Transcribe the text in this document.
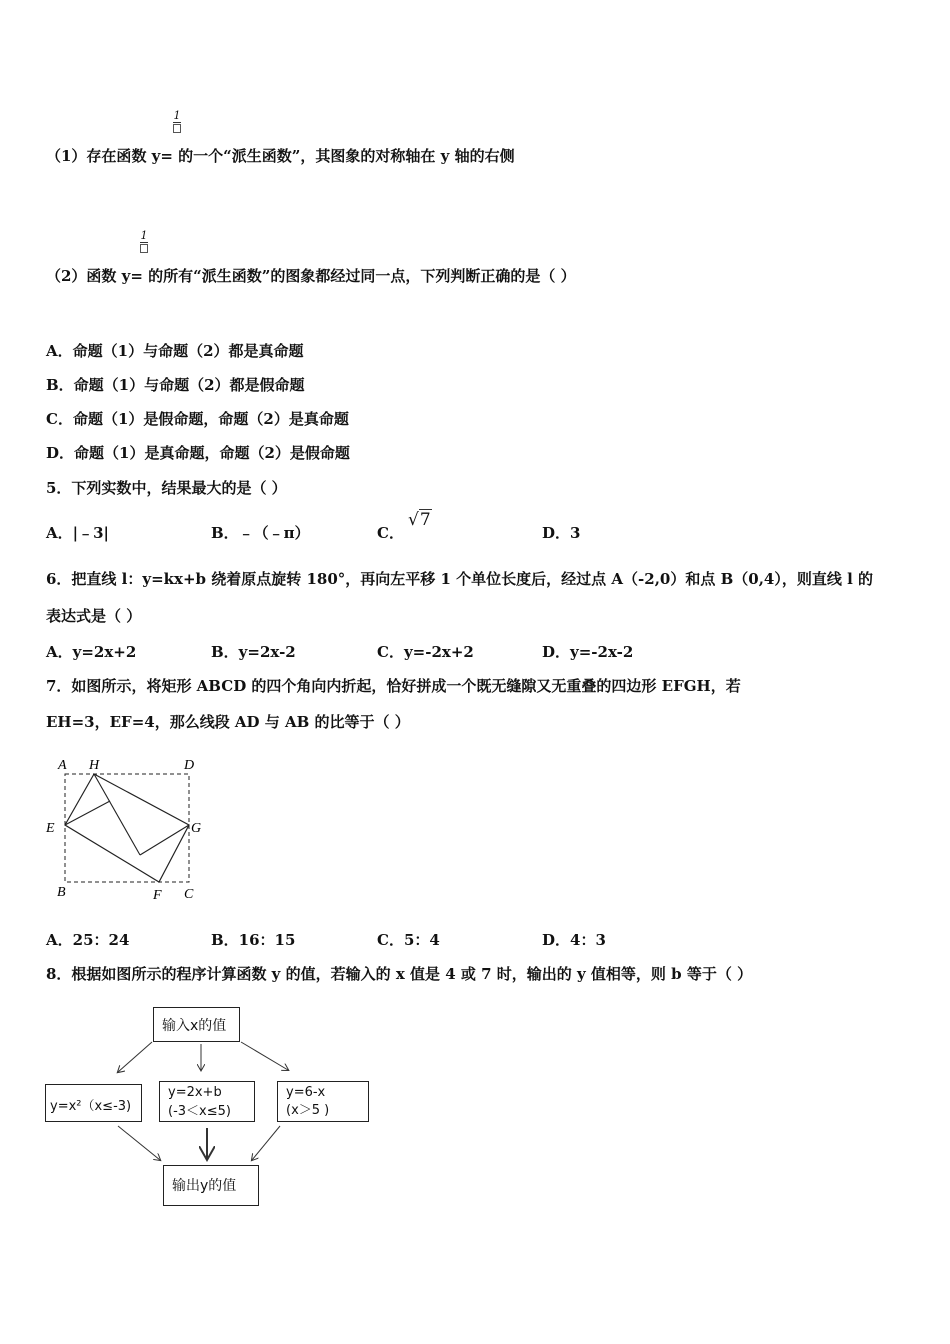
1
（1）存在函数 y= 的一个“派生函数”，其图象的对称轴在 y 轴的右侧
1
（2）函数 y= 的所有“派生函数”的图象都经过同一点，下列判断正确的是（ ）
A．命题（1）与命题（2）都是真命题
B．命题（1）与命题（2）都是假命题
C．命题（1）是假命题，命题（2）是真命题
D．命题（1）是真命题，命题（2）是假命题
5．下列实数中，结果最大的是（ ）
A．|﹣3|	B．﹣（﹣π）	C．
√7
D．3
6．把直线 l：y=kx+b 绕着原点旋转 180°，再向左平移 1 个单位长度后，经过点 A（-2,0）和点 B（0,4），则直线 l 的
表达式是（ ）
A．y=2x+2	B．y=2x-2	C．y=-2x+2	D．y=-2x-2
7．如图所示，将矩形 ABCD 的四个角向内折起，恰好拼成一个既无缝隙又无重叠的四边形 EFGH，若
EH=3，EF=4，那么线段 AD 与 AB 的比等于（ ）
A H	D
E	G
B	F C
A．25：24	B．16：15	C．5：4	D．4：3
8．根据如图所示的程序计算函数 y 的值，若输入的 x 值是 4 或 7 时，输出的 y 值相等，则 b 等于（ ）
输入x的值
y=x²（x≤-3)
y=2x+b
(-3＜x≤5)
y=6-x
(x＞5 )
输出y的值
